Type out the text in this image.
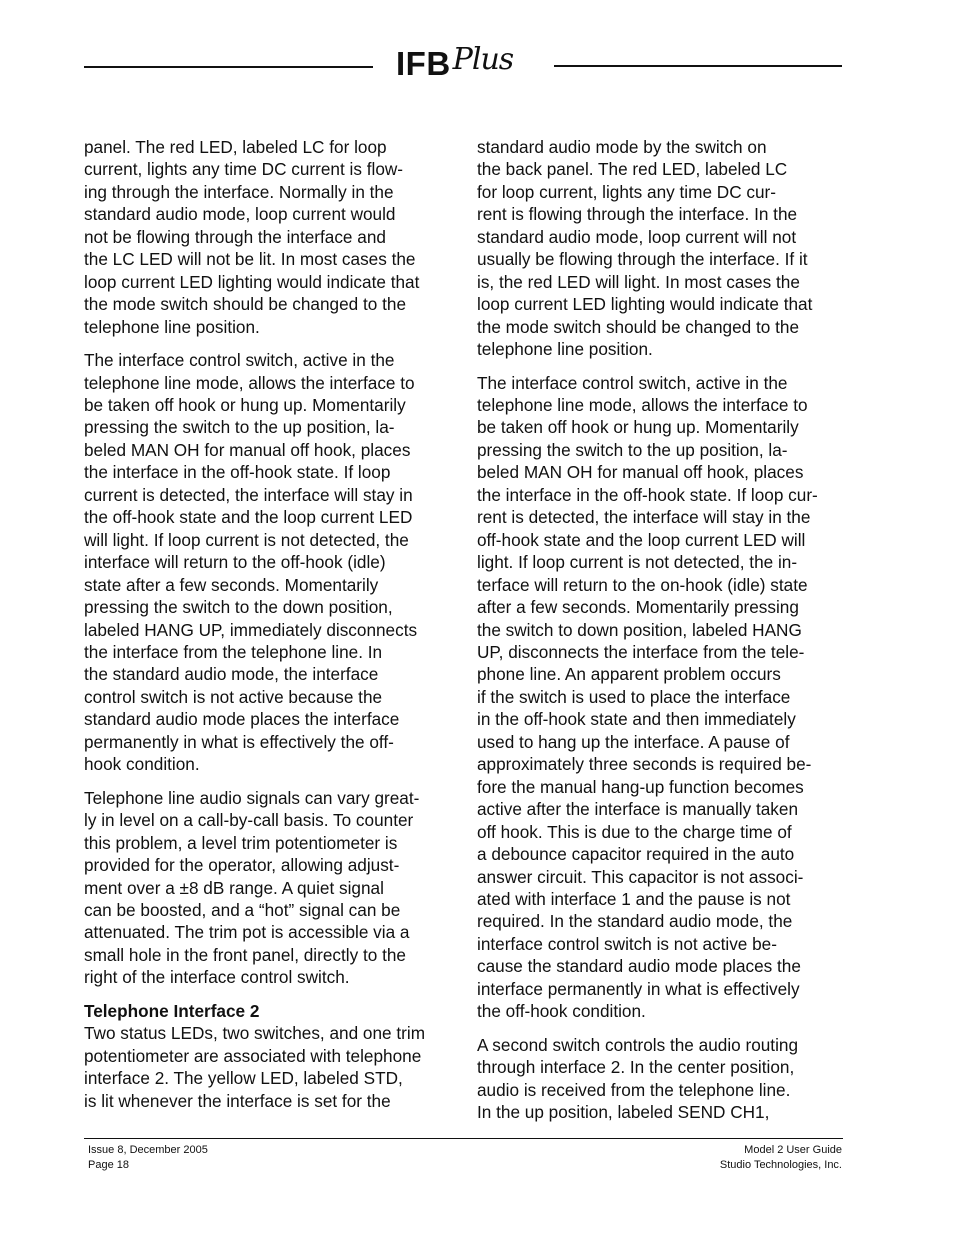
IFB Plus

panel. The red LED, labeled LC for loop
current, lights any time DC current is flow-
ing through the interface. Normally in the
standard audio mode, loop current would
not be flowing through the interface and
the LC LED will not be lit. In most cases the
loop current LED lighting would indicate that
the mode switch should be changed to the
telephone line position.

The interface control switch, active in the
telephone line mode, allows the interface to
be taken off hook or hung up. Momentarily
pressing the switch to the up position, la-
beled MAN OH for manual off hook, places
the interface in the off-hook state. If loop
current is detected, the interface will stay in
the off-hook state and the loop current LED
will light. If loop current is not detected, the
interface will return to the off-hook (idle)
state after a few seconds. Momentarily
pressing the switch to the down position,
labeled HANG UP, immediately disconnects
the interface from the telephone line. In
the standard audio mode, the interface
control switch is not active because the
standard audio mode places the interface
permanently in what is effectively the off-
hook condition.

Telephone line audio signals can vary great-
ly in level on a call-by-call basis. To counter
this problem, a level trim potentiometer is
provided for the operator, allowing adjust-
ment over a ±8 dB range. A quiet signal
can be boosted, and a “hot” signal can be
attenuated. The trim pot is accessible via a
small hole in the front panel, directly to the
right of the interface control switch.

Telephone Interface 2

Two status LEDs, two switches, and one trim
potentiometer are associated with telephone
interface 2. The yellow LED, labeled STD,
is lit whenever the interface is set for the

standard audio mode by the switch on
the back panel. The red LED, labeled LC
for loop current, lights any time DC cur-
rent is flowing through the interface. In the
standard audio mode, loop current will not
usually be flowing through the interface. If it
is, the red LED will light. In most cases the
loop current LED lighting would indicate that
the mode switch should be changed to the
telephone line position.

The interface control switch, active in the
telephone line mode, allows the interface to
be taken off hook or hung up. Momentarily
pressing the switch to the up position, la-
beled MAN OH for manual off hook, places
the interface in the off-hook state. If loop cur-
rent is detected, the interface will stay in the
off-hook state and the loop current LED will
light. If loop current is not detected, the in-
terface will return to the on-hook (idle) state
after a few seconds. Momentarily pressing
the switch to down position, labeled HANG
UP, disconnects the interface from the tele-
phone line. An apparent problem occurs
if the switch is used to place the interface
in the off-hook state and then immediately
used to hang up the interface. A pause of
approximately three seconds is required be-
fore the manual hang-up function becomes
active after the interface is manually taken
off hook. This is due to the charge time of
a debounce capacitor required in the auto
answer circuit. This capacitor is not associ-
ated with interface 1 and the pause is not
required. In the standard audio mode, the
interface control switch is not active be-
cause the standard audio mode places the
interface permanently in what is effectively
the off-hook condition.

A second switch controls the audio routing
through interface 2. In the center position,
audio is received from the telephone line.
In the up position, labeled SEND CH1,

Issue 8, December 2005
Page 18
Model 2 User Guide
Studio Technologies, Inc.
